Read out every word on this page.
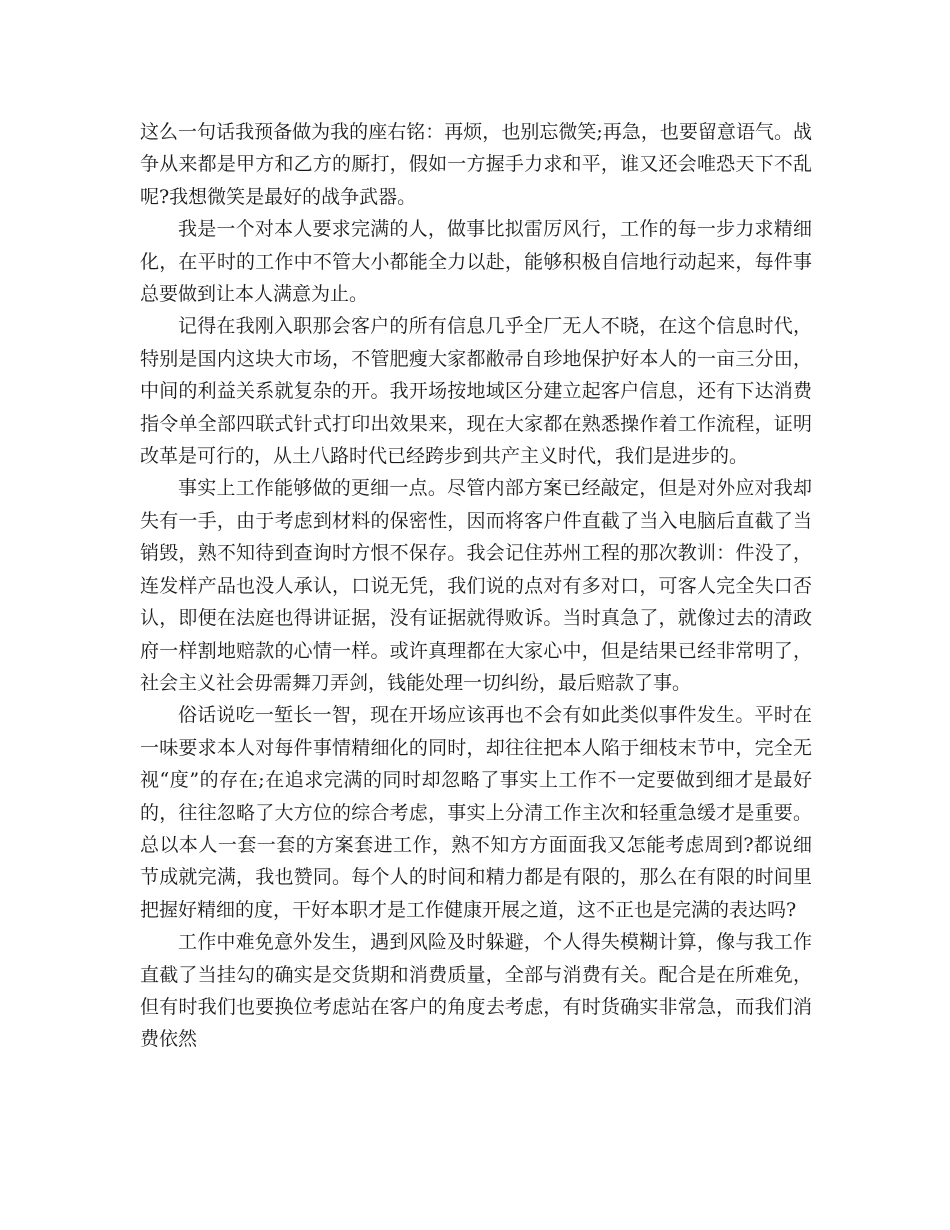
这么一句话我预备做为我的座右铭：再烦，也别忘微笑;再急，也要留意语气。战争从来都是甲方和乙方的厮打，假如一方握手力求和平，谁又还会唯恐天下不乱呢?我想微笑是最好的战争武器。

我是一个对本人要求完满的人，做事比拟雷厉风行，工作的每一步力求精细化，在平时的工作中不管大小都能全力以赴，能够积极自信地行动起来，每件事总要做到让本人满意为止。

记得在我刚入职那会客户的所有信息几乎全厂无人不晓，在这个信息时代，特别是国内这块大市场，不管肥瘦大家都敝帚自珍地保护好本人的一亩三分田，中间的利益关系就复杂的开。我开场按地域区分建立起客户信息，还有下达消费指令单全部四联式针式打印出效果来，现在大家都在熟悉操作着工作流程，证明改革是可行的，从土八路时代已经跨步到共产主义时代，我们是进步的。

事实上工作能够做的更细一点。尽管内部方案已经敲定，但是对外应对我却失有一手，由于考虑到材料的保密性，因而将客户件直截了当入电脑后直截了当销毁，熟不知待到查询时方恨不保存。我会记住苏州工程的那次教训：件没了，连发样产品也没人承认，口说无凭，我们说的点对有多对口，可客人完全失口否认，即便在法庭也得讲证据，没有证据就得败诉。当时真急了，就像过去的清政府一样割地赔款的心情一样。或许真理都在大家心中，但是结果已经非常明了，社会主义社会毋需舞刀弄剑，钱能处理一切纠纷，最后赔款了事。

俗话说吃一堑长一智，现在开场应该再也不会有如此类似事件发生。平时在一味要求本人对每件事情精细化的同时，却往往把本人陷于细枝末节中，完全无视“度”的存在;在追求完满的同时却忽略了事实上工作不一定要做到细才是最好的，往往忽略了大方位的综合考虑，事实上分清工作主次和轻重急缓才是重要。总以本人一套一套的方案套进工作，熟不知方方面面我又怎能考虑周到?都说细节成就完满，我也赞同。每个人的时间和精力都是有限的，那么在有限的时间里把握好精细的度，干好本职才是工作健康开展之道，这不正也是完满的表达吗?

工作中难免意外发生，遇到风险及时躲避，个人得失模糊计算，像与我工作直截了当挂勾的确实是交货期和消费质量，全部与消费有关。配合是在所难免，但有时我们也要换位考虑站在客户的角度去考虑，有时货确实非常急，而我们消费依然
